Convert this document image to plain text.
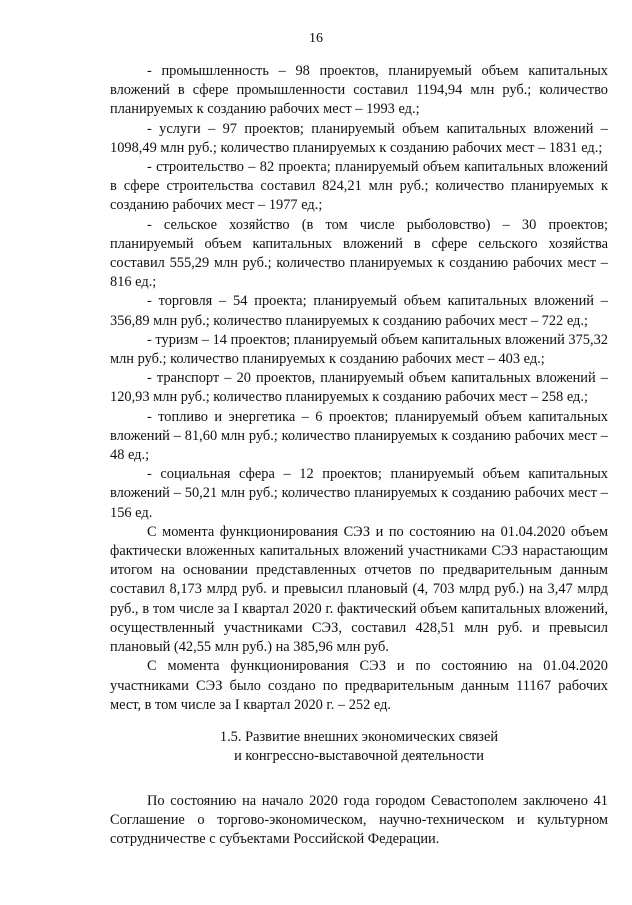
16

- промышленность – 98 проектов, планируемый объем капитальных вложений в сфере промышленности составил 1194,94 млн руб.; количество планируемых к созданию рабочих мест – 1993 ед.;

- услуги – 97 проектов; планируемый объем капитальных вложений – 1098,49 млн руб.; количество планируемых к созданию рабочих мест – 1831 ед.;

- строительство – 82 проекта; планируемый объем капитальных вложений в сфере строительства составил 824,21 млн руб.; количество планируемых к созданию рабочих мест – 1977 ед.;

- сельское хозяйство (в том числе рыболовство) – 30 проектов; планируемый объем капитальных вложений в сфере сельского хозяйства составил 555,29 млн руб.; количество планируемых к созданию рабочих мест – 816 ед.;

- торговля – 54 проекта; планируемый объем капитальных вложений – 356,89 млн руб.; количество планируемых к созданию рабочих мест – 722 ед.;

- туризм – 14 проектов; планируемый объем капитальных вложений 375,32 млн руб.; количество планируемых к созданию рабочих мест – 403 ед.;

- транспорт – 20 проектов, планируемый объем капитальных вложений – 120,93 млн руб.; количество планируемых к созданию рабочих мест – 258 ед.;

- топливо и энергетика – 6 проектов; планируемый объем капитальных вложений – 81,60 млн руб.; количество планируемых к созданию рабочих мест – 48 ед.;

- социальная сфера – 12 проектов; планируемый объем капитальных вложений – 50,21 млн руб.; количество планируемых к созданию рабочих мест – 156 ед.

С момента функционирования СЭЗ и по состоянию на 01.04.2020 объем фактически вложенных капитальных вложений участниками СЭЗ нарастающим итогом на основании представленных отчетов по предварительным данным составил 8,173 млрд руб. и превысил плановый (4, 703 млрд руб.) на 3,47 млрд руб., в том числе за I квартал 2020 г. фактический объем капитальных вложений, осуществленный участниками СЭЗ, составил 428,51 млн руб. и превысил плановый (42,55 млн руб.) на 385,96 млн руб.

С момента функционирования СЭЗ и по состоянию на 01.04.2020 участниками СЭЗ было создано по предварительным данным 11167 рабочих мест, в том числе за I квартал 2020 г. – 252 ед.

1.5. Развитие внешних экономических связей
и конгрессно-выставочной деятельности

По состоянию на начало 2020 года городом Севастополем заключено 41 Соглашение о торгово-экономическом, научно-техническом и культурном сотрудничестве с субъектами Российской Федерации.
